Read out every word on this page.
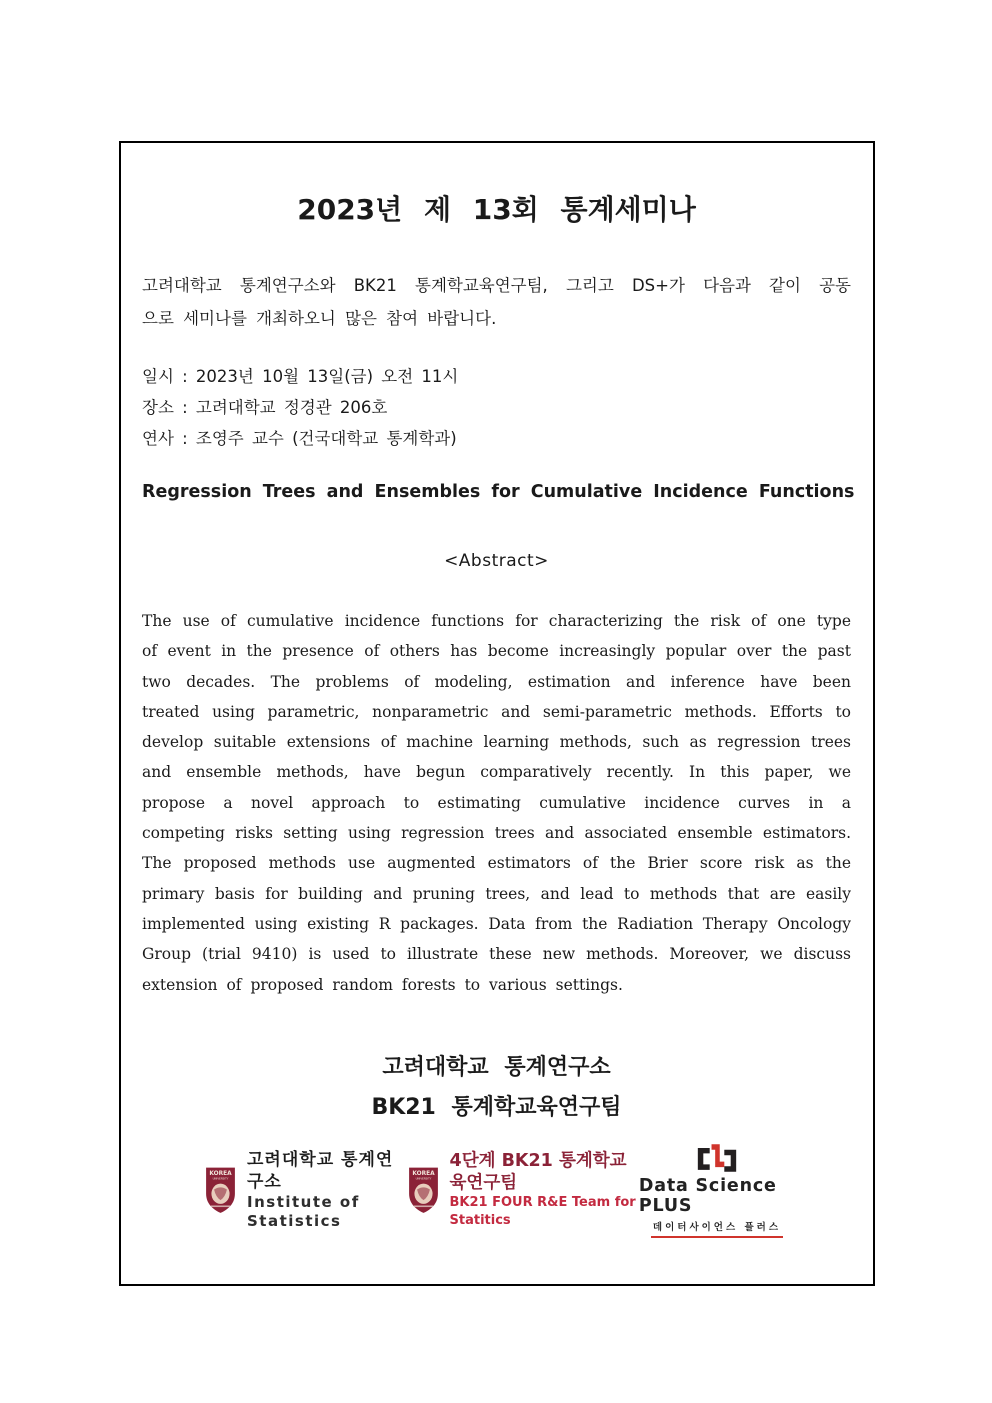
2023년 제 13회 통계세미나
고려대학교 통계연구소와 BK21 통계학교육연구팀, 그리고 DS+가 다음과 같이 공동
으로 세미나를 개최하오니 많은 참여 바랍니다.
일시 : 2023년 10월 13일(금) 오전 11시
장소 : 고려대학교 정경관 206호
연사 : 조영주 교수 (건국대학교 통계학과)
Regression Trees and Ensembles for Cumulative Incidence Functions
<Abstract>
The use of cumulative incidence functions for characterizing the risk of one type
of event in the presence of others has become increasingly popular over the past
two decades. The problems of modeling, estimation and inference have been
treated using parametric, nonparametric and semi-parametric methods. Efforts to
develop suitable extensions of machine learning methods, such as regression trees
and ensemble methods, have begun comparatively recently. In this paper, we
propose a novel approach to estimating cumulative incidence curves in a
competing risks setting using regression trees and associated ensemble estimators.
The proposed methods use augmented estimators of the Brier score risk as the
primary basis for building and pruning trees, and lead to methods that are easily
implemented using existing R packages. Data from the Radiation Therapy Oncology
Group (trial 9410) is used to illustrate these new methods. Moreover, we discuss
extension of proposed random forests to various settings.
고려대학교 통계연구소
BK21 통계학교육연구팀
KOREA
UNIVERSITY
고려대학교 통계연구소
Institute of Statistics
KOREA
UNIVERSITY
4단계 BK21 통계학교육연구팀
BK21 FOUR R&E Team for Statitics
Data Science PLUS
데이터사이언스 플러스
